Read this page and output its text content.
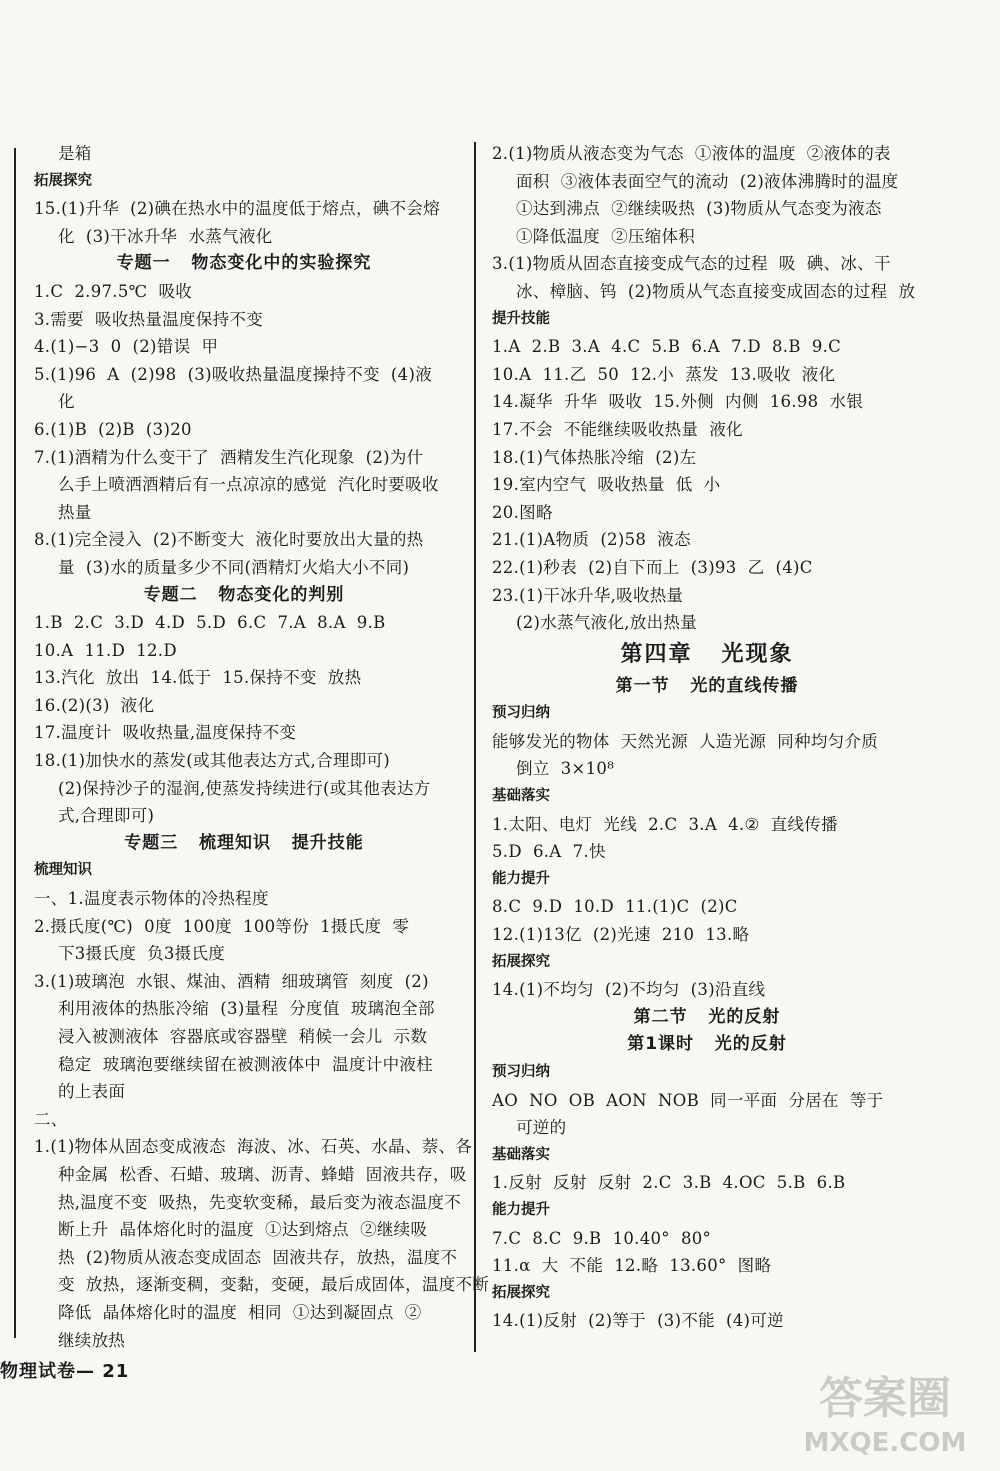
是箱
拓展探究
15.(1)升华  (2)碘在热水中的温度低于熔点，碘不会熔
化  (3)干冰升华  水蒸气液化
专题一   物态变化中的实验探究
1.C  2.97.5℃  吸收
3.需要  吸收热量温度保持不变
4.(1)−3  0  (2)错误  甲
5.(1)96  A  (2)98  (3)吸收热量温度操持不变  (4)液
化
6.(1)B  (2)B  (3)20
7.(1)酒精为什么变干了  酒精发生汽化现象  (2)为什
么手上喷洒酒精后有一点凉凉的感觉  汽化时要吸收
热量
8.(1)完全浸入  (2)不断变大  液化时要放出大量的热
量  (3)水的质量多少不同(酒精灯火焰大小不同)
专题二   物态变化的判别
1.B  2.C  3.D  4.D  5.D  6.C  7.A  8.A  9.B
10.A  11.D  12.D
13.汽化  放出  14.低于  15.保持不变  放热
16.(2)(3)  液化
17.温度计  吸收热量,温度保持不变
18.(1)加快水的蒸发(或其他表达方式,合理即可)
(2)保持沙子的湿润,使蒸发持续进行(或其他表达方
式,合理即可)
专题三   梳理知识   提升技能
梳理知识
一、1.温度表示物体的冷热程度
2.摄氏度(℃)  0度  100度  100等份  1摄氏度  零
下3摄氏度  负3摄氏度
3.(1)玻璃泡  水银、煤油、酒精  细玻璃管  刻度  (2)
利用液体的热胀冷缩  (3)量程  分度值  玻璃泡全部
浸入被测液体  容器底或容器壁  稍候一会儿  示数
稳定  玻璃泡要继续留在被测液体中  温度计中液柱
的上表面
二、
1.(1)物体从固态变成液态  海波、冰、石英、水晶、萘、各
种金属  松香、石蜡、玻璃、沥青、蜂蜡  固液共存，吸
热,温度不变  吸热，先变软变稀，最后变为液态温度不
断上升  晶体熔化时的温度  ①达到熔点  ②继续吸
热  (2)物质从液态变成固态  固液共存，放热，温度不
变  放热，逐渐变稠，变黏，变硬，最后成固体，温度不断
降低  晶体熔化时的温度  相同  ①达到凝固点  ②
继续放热
2.(1)物质从液态变为气态  ①液体的温度  ②液体的表
面积  ③液体表面空气的流动  (2)液体沸腾时的温度
①达到沸点  ②继续吸热  (3)物质从气态变为液态
①降低温度  ②压缩体积
3.(1)物质从固态直接变成气态的过程  吸  碘、冰、干
冰、樟脑、钨  (2)物质从气态直接变成固态的过程  放
提升技能
1.A  2.B  3.A  4.C  5.B  6.A  7.D  8.B  9.C
10.A  11.乙  50  12.小  蒸发  13.吸收  液化
14.凝华  升华  吸收  15.外侧  内侧  16.98  水银
17.不会  不能继续吸收热量  液化
18.(1)气体热胀冷缩  (2)左
19.室内空气  吸收热量  低  小
20.图略
21.(1)A物质  (2)58  液态
22.(1)秒表  (2)自下而上  (3)93  乙  (4)C
23.(1)干冰升华,吸收热量
(2)水蒸气液化,放出热量
第四章   光现象
第一节   光的直线传播
预习归纳
能够发光的物体  天然光源  人造光源  同种均匀介质
倒立  3×10⁸
基础落实
1.太阳、电灯  光线  2.C  3.A  4.②  直线传播
5.D  6.A  7.快
能力提升
8.C  9.D  10.D  11.(1)C  (2)C
12.(1)13亿  (2)光速  210  13.略
拓展探究
14.(1)不均匀  (2)不均匀  (3)沿直线
第二节   光的反射
第1课时   光的反射
预习归纳
AO  NO  OB  AON  NOB  同一平面  分居在  等于
可逆的
基础落实
1.反射  反射  反射  2.C  3.B  4.OC  5.B  6.B
能力提升
7.C  8.C  9.B  10.40°  80°
11.α  大  不能  12.略  13.60°  图略
拓展探究
14.(1)反射  (2)等于  (3)不能  (4)可逆
物理试卷— 21
答案圈
MXQE.COM
